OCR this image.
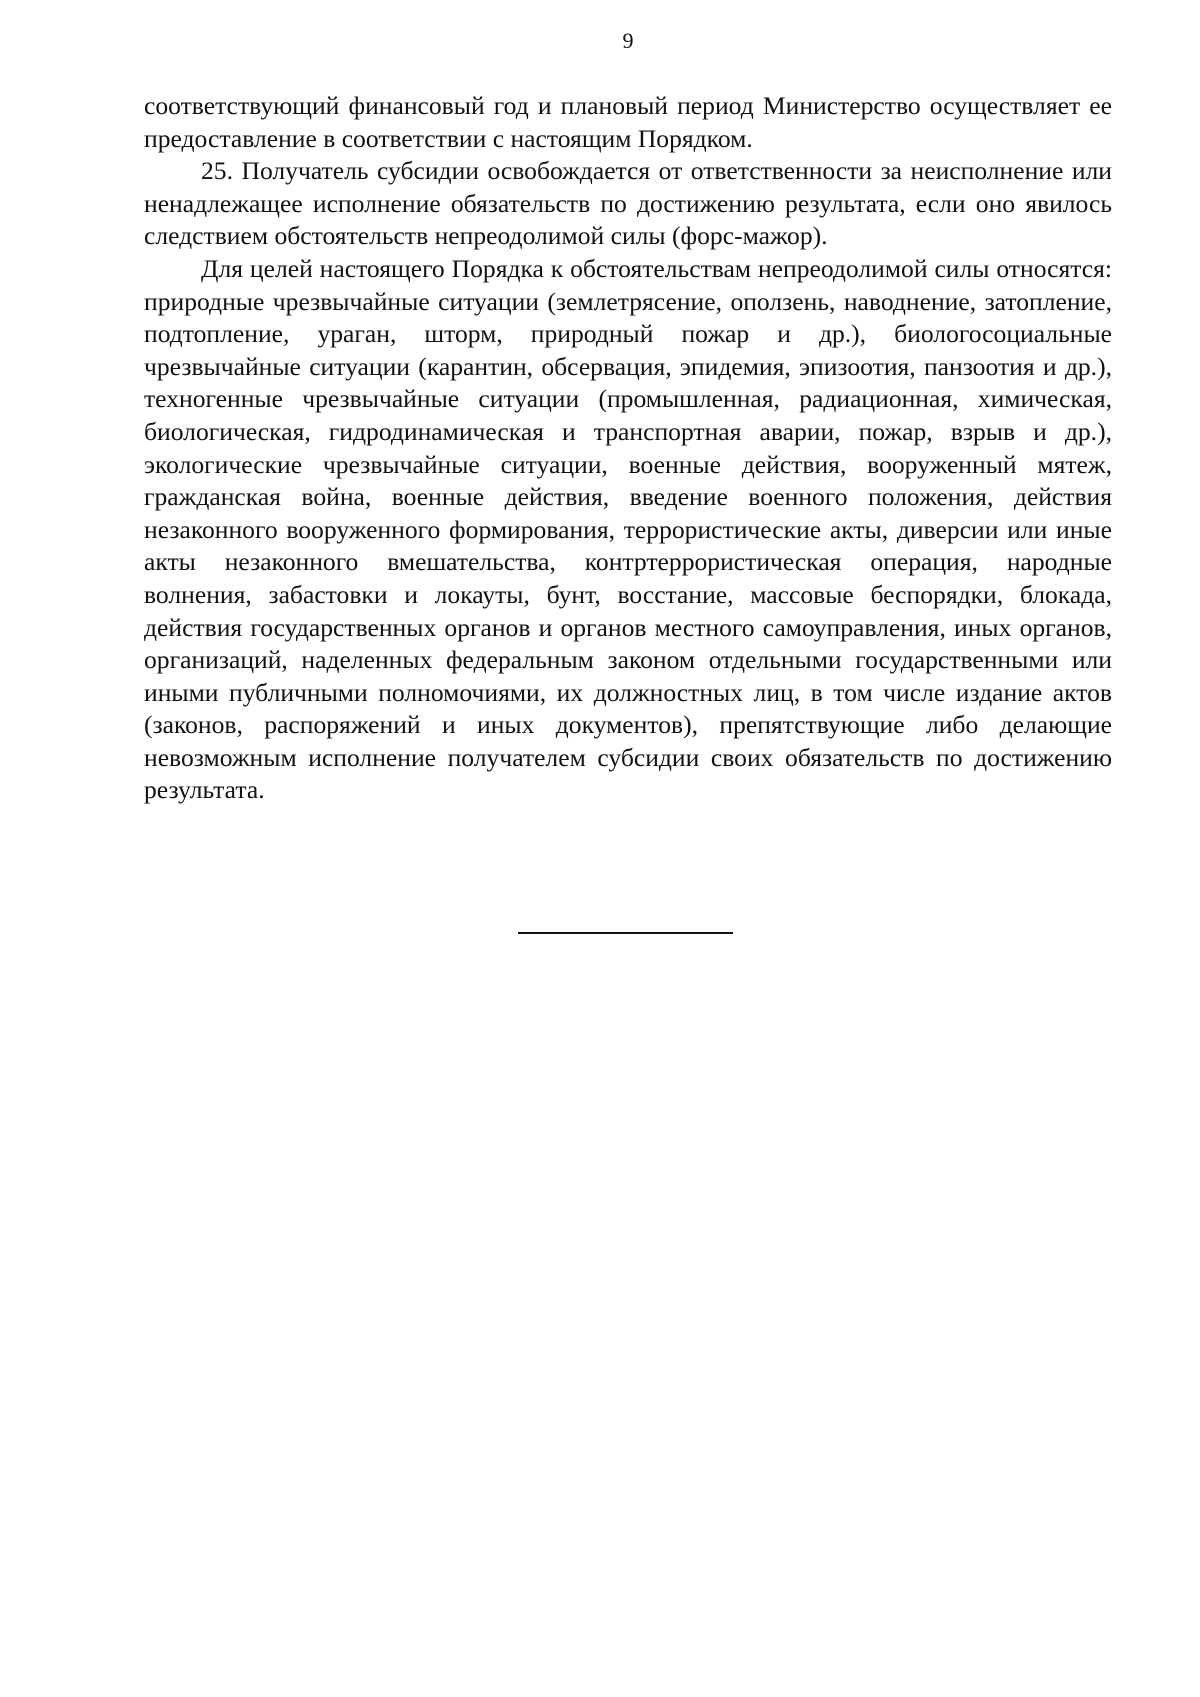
9

соответствующий финансовый год и плановый период Министерство осуществляет ее предоставление в соответствии с настоящим Порядком.

25. Получатель субсидии освобождается от ответственности за неисполнение или ненадлежащее исполнение обязательств по достижению результата, если оно явилось следствием обстоятельств непреодолимой силы (форс-мажор).

Для целей настоящего Порядка к обстоятельствам непреодолимой силы относятся: природные чрезвычайные ситуации (землетрясение, оползень, наводнение, затопление, подтопление, ураган, шторм, природный пожар и др.), биологосоциальные чрезвычайные ситуации (карантин, обсервация, эпидемия, эпизоотия, панзоотия и др.), техногенные чрезвычайные ситуации (промышленная, радиационная, химическая, биологическая, гидродинамическая и транспортная аварии, пожар, взрыв и др.), экологические чрезвычайные ситуации, военные действия, вооруженный мятеж, гражданская война, военные действия, введение военного положения, действия незаконного вооруженного формирования, террористические акты, диверсии или иные акты незаконного вмешательства, контртеррористическая операция, народные волнения, забастовки и локауты, бунт, восстание, массовые беспорядки, блокада, действия государственных органов и органов местного самоуправления, иных органов, организаций, наделенных федеральным законом отдельными государственными или иными публичными полномочиями, их должностных лиц, в том числе издание актов (законов, распоряжений и иных документов), препятствующие либо делающие невозможным исполнение получателем субсидии своих обязательств по достижению результата.
